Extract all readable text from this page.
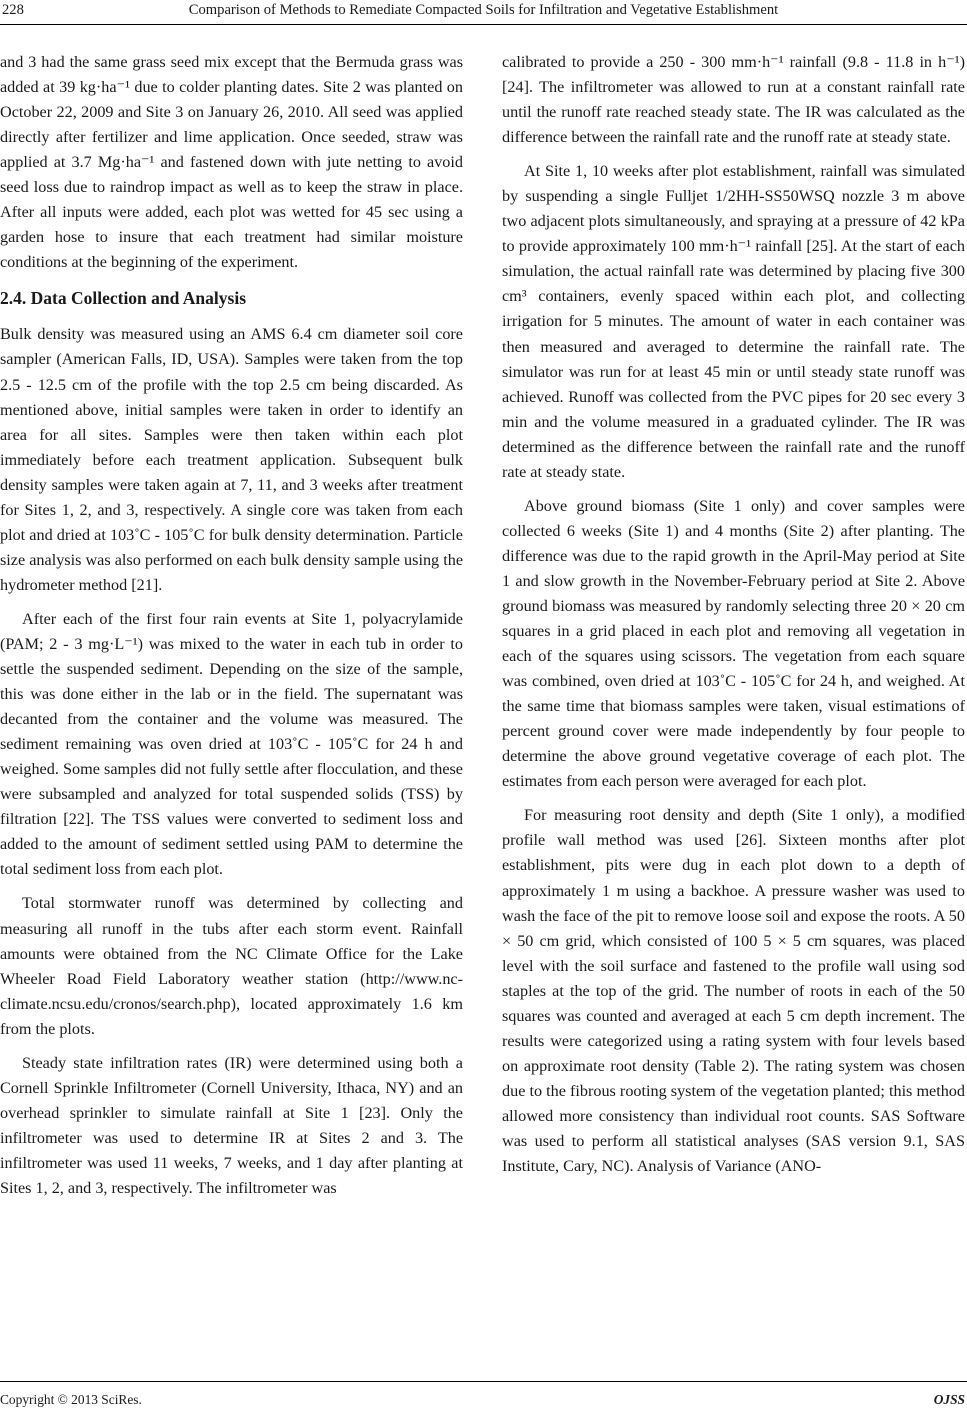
228	Comparison of Methods to Remediate Compacted Soils for Infiltration and Vegetative Establishment

and 3 had the same grass seed mix except that the Bermuda grass was added at 39 kg·ha⁻¹ due to colder planting dates. Site 2 was planted on October 22, 2009 and Site 3 on January 26, 2010. All seed was applied directly after fertilizer and lime application. Once seeded, straw was applied at 3.7 Mg·ha⁻¹ and fastened down with jute netting to avoid seed loss due to raindrop impact as well as to keep the straw in place. After all inputs were added, each plot was wetted for 45 sec using a garden hose to insure that each treatment had similar moisture conditions at the beginning of the experiment.

2.4. Data Collection and Analysis

Bulk density was measured using an AMS 6.4 cm diameter soil core sampler (American Falls, ID, USA). Samples were taken from the top 2.5 - 12.5 cm of the profile with the top 2.5 cm being discarded. As mentioned above, initial samples were taken in order to identify an area for all sites. Samples were then taken within each plot immediately before each treatment application. Subsequent bulk density samples were taken again at 7, 11, and 3 weeks after treatment for Sites 1, 2, and 3, respectively. A single core was taken from each plot and dried at 103˚C - 105˚C for bulk density determination. Particle size analysis was also performed on each bulk density sample using the hydrometer method [21].

After each of the first four rain events at Site 1, polyacrylamide (PAM; 2 - 3 mg·L⁻¹) was mixed to the water in each tub in order to settle the suspended sediment. Depending on the size of the sample, this was done either in the lab or in the field. The supernatant was decanted from the container and the volume was measured. The sediment remaining was oven dried at 103˚C - 105˚C for 24 h and weighed. Some samples did not fully settle after flocculation, and these were subsampled and analyzed for total suspended solids (TSS) by filtration [22]. The TSS values were converted to sediment loss and added to the amount of sediment settled using PAM to determine the total sediment loss from each plot.

Total stormwater runoff was determined by collecting and measuring all runoff in the tubs after each storm event. Rainfall amounts were obtained from the NC Climate Office for the Lake Wheeler Road Field Laboratory weather station (http://www.nc-climate.ncsu.edu/cronos/search.php), located approximately 1.6 km from the plots.

Steady state infiltration rates (IR) were determined using both a Cornell Sprinkle Infiltrometer (Cornell University, Ithaca, NY) and an overhead sprinkler to simulate rainfall at Site 1 [23]. Only the infiltrometer was used to determine IR at Sites 2 and 3. The infiltrometer was used 11 weeks, 7 weeks, and 1 day after planting at Sites 1, 2, and 3, respectively. The infiltrometer was

calibrated to provide a 250 - 300 mm·h⁻¹ rainfall (9.8 - 11.8 in h⁻¹) [24]. The infiltrometer was allowed to run at a constant rainfall rate until the runoff rate reached steady state. The IR was calculated as the difference between the rainfall rate and the runoff rate at steady state.

At Site 1, 10 weeks after plot establishment, rainfall was simulated by suspending a single Fulljet 1/2HH-SS50WSQ nozzle 3 m above two adjacent plots simultaneously, and spraying at a pressure of 42 kPa to provide approximately 100 mm·h⁻¹ rainfall [25]. At the start of each simulation, the actual rainfall rate was determined by placing five 300 cm³ containers, evenly spaced within each plot, and collecting irrigation for 5 minutes. The amount of water in each container was then measured and averaged to determine the rainfall rate. The simulator was run for at least 45 min or until steady state runoff was achieved. Runoff was collected from the PVC pipes for 20 sec every 3 min and the volume measured in a graduated cylinder. The IR was determined as the difference between the rainfall rate and the runoff rate at steady state.

Above ground biomass (Site 1 only) and cover samples were collected 6 weeks (Site 1) and 4 months (Site 2) after planting. The difference was due to the rapid growth in the April-May period at Site 1 and slow growth in the November-February period at Site 2. Above ground biomass was measured by randomly selecting three 20 × 20 cm squares in a grid placed in each plot and removing all vegetation in each of the squares using scissors. The vegetation from each square was combined, oven dried at 103˚C - 105˚C for 24 h, and weighed. At the same time that biomass samples were taken, visual estimations of percent ground cover were made independently by four people to determine the above ground vegetative coverage of each plot. The estimates from each person were averaged for each plot.

For measuring root density and depth (Site 1 only), a modified profile wall method was used [26]. Sixteen months after plot establishment, pits were dug in each plot down to a depth of approximately 1 m using a backhoe. A pressure washer was used to wash the face of the pit to remove loose soil and expose the roots. A 50 × 50 cm grid, which consisted of 100 5 × 5 cm squares, was placed level with the soil surface and fastened to the profile wall using sod staples at the top of the grid. The number of roots in each of the 50 squares was counted and averaged at each 5 cm depth increment. The results were categorized using a rating system with four levels based on approximate root density (Table 2). The rating system was chosen due to the fibrous rooting system of the vegetation planted; this method allowed more consistency than individual root counts. SAS Software was used to perform all statistical analyses (SAS version 9.1, SAS Institute, Cary, NC). Analysis of Variance (ANO-

Copyright © 2013 SciRes.	OJSS
